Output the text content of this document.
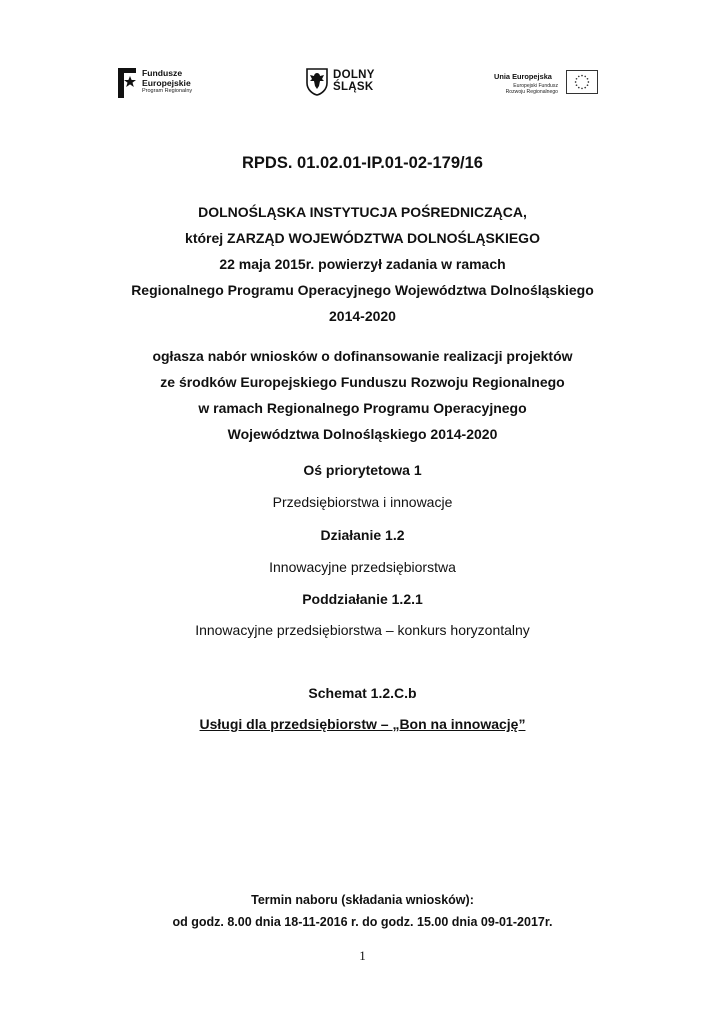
Fundusze
Europejskie
Program Regionalny
DOLNY
ŚLĄSK
Unia Europejska
Europejski Fundusz
Rozwoju Regionalnego
RPDS. 01.02.01-IP.01-02-179/16
DOLNOŚLĄSKA INSTYTUCJA POŚREDNICZĄCA,
której ZARZĄD WOJEWÓDZTWA DOLNOŚLĄSKIEGO
22 maja 2015r. powierzył zadania w ramach
Regionalnego Programu Operacyjnego Województwa Dolnośląskiego
2014-2020
ogłasza nabór wniosków o dofinansowanie realizacji projektów
ze środków Europejskiego Funduszu Rozwoju Regionalnego
w ramach Regionalnego Programu Operacyjnego
Województwa Dolnośląskiego 2014-2020
Oś priorytetowa 1
Przedsiębiorstwa i innowacje
Działanie 1.2
Innowacyjne przedsiębiorstwa
Poddziałanie 1.2.1
Innowacyjne przedsiębiorstwa – konkurs horyzontalny
Schemat 1.2.C.b
Usługi dla przedsiębiorstw – „Bon na innowację”
Termin naboru (składania wniosków):
od godz. 8.00 dnia 18-11-2016 r. do godz. 15.00 dnia 09-01-2017r.
1
